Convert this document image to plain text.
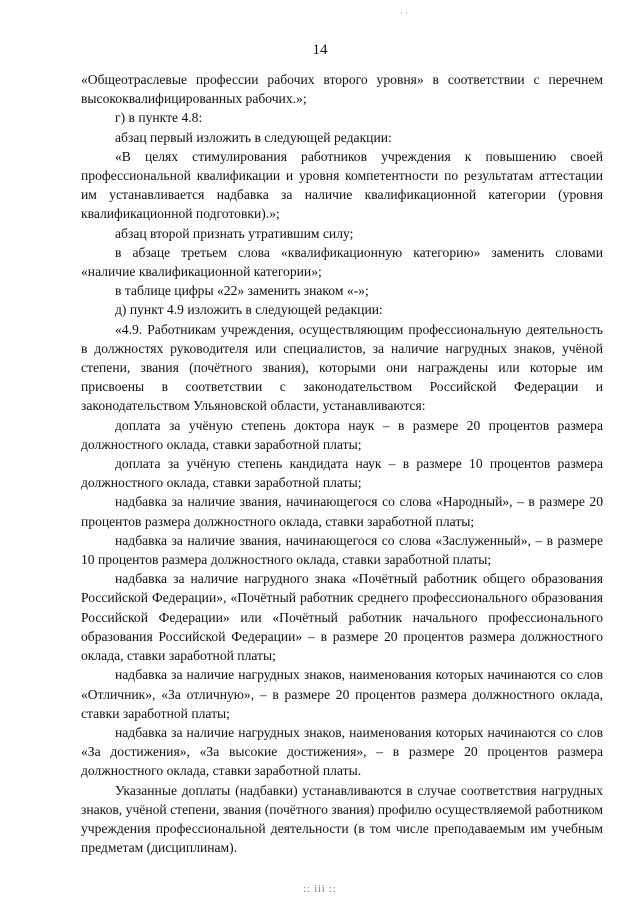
· ·
14

«Общеотраслевые профессии рабочих второго уровня» в соответствии с перечнем высококвалифицированных рабочих.»;

г) в пункте 4.8:

абзац первый изложить в следующей редакции:

«В целях стимулирования работников учреждения к повышению своей профессиональной квалификации и уровня компетентности по результатам аттестации им устанавливается надбавка за наличие квалификационной категории (уровня квалификационной подготовки).»;

абзац второй признать утратившим силу;

в абзаце третьем слова «квалификационную категорию» заменить словами «наличие квалификационной категории»;

в таблице цифры «22» заменить знаком «-»;

д) пункт 4.9 изложить в следующей редакции:

«4.9. Работникам учреждения, осуществляющим профессиональную деятельность в должностях руководителя или специалистов, за наличие нагрудных знаков, учёной степени, звания (почётного звания), которыми они награждены или которые им присвоены в соответствии с законодательством Российской Федерации и законодательством Ульяновской области, устанавливаются:

доплата за учёную степень доктора наук – в размере 20 процентов размера должностного оклада, ставки заработной платы;

доплата за учёную степень кандидата наук – в размере 10 процентов размера должностного оклада, ставки заработной платы;

надбавка за наличие звания, начинающегося со слова «Народный», – в размере 20 процентов размера должностного оклада, ставки заработной платы;

надбавка за наличие звания, начинающегося со слова «Заслуженный», – в размере 10 процентов размера должностного оклада, ставки заработной платы;

надбавка за наличие нагрудного знака «Почётный работник общего образования Российской Федерации», «Почётный работник среднего профессионального образования Российской Федерации» или «Почётный работник начального профессионального образования Российской Федерации» – в размере 20 процентов размера должностного оклада, ставки заработной платы;

надбавка за наличие нагрудных знаков, наименования которых начинаются со слов «Отличник», «За отличную», – в размере 20 процентов размера должностного оклада, ставки заработной платы;

надбавка за наличие нагрудных знаков, наименования которых начинаются со слов «За достижения», «За высокие достижения», – в размере 20 процентов размера должностного оклада, ставки заработной платы.

Указанные доплаты (надбавки) устанавливаются в случае соответствия нагрудных знаков, учёной степени, звания (почётного звания) профилю осуществляемой работником учреждения профессиональной деятельности (в том числе преподаваемым им учебным предметам (дисциплинам).

:: iii ::
